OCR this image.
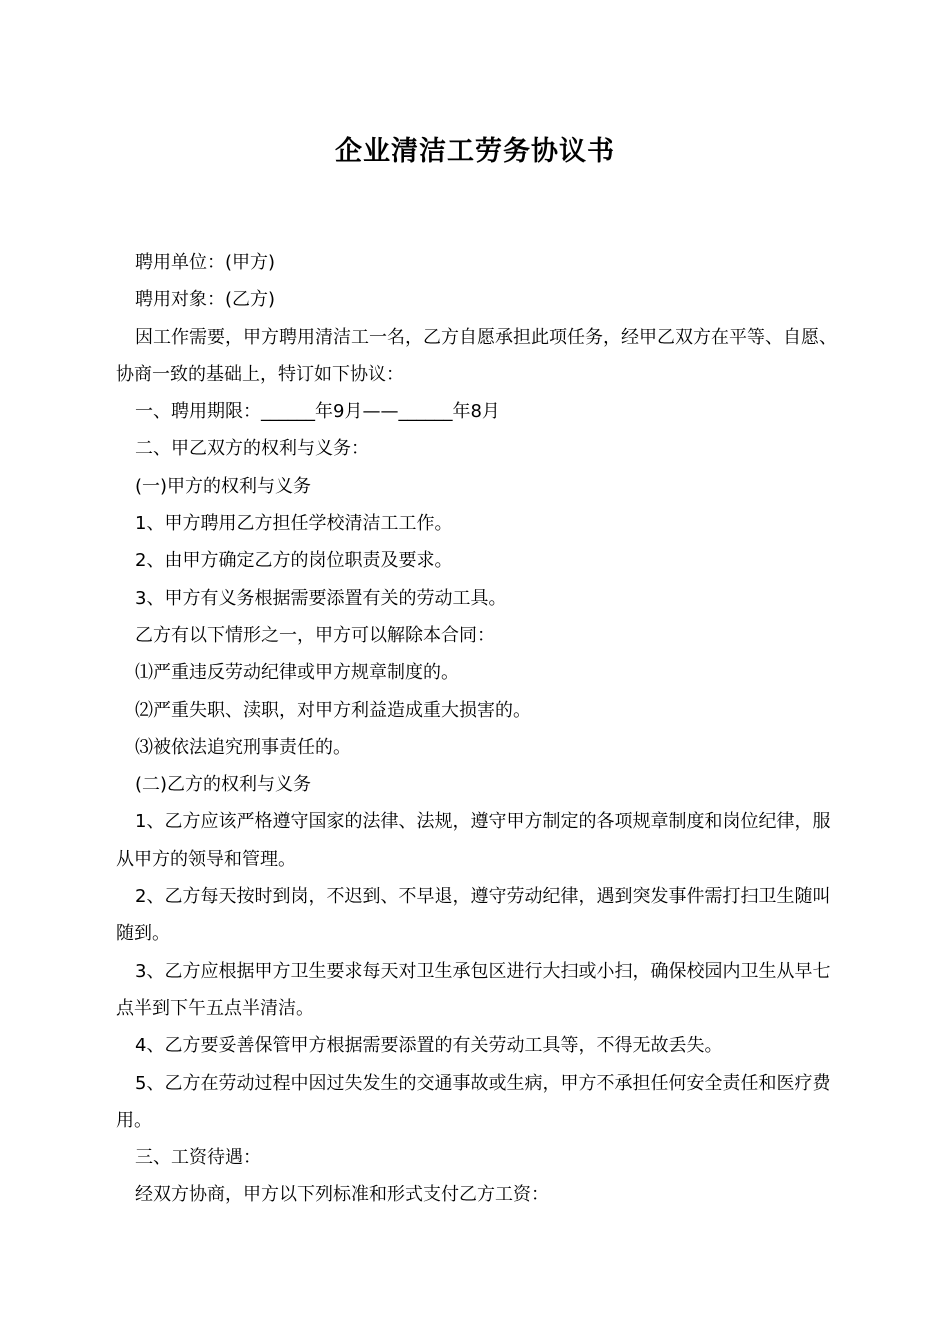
企业清洁工劳务协议书

聘用单位：(甲方)

聘用对象：(乙方)

因工作需要，甲方聘用清洁工一名，乙方自愿承担此项任务，经甲乙双方在平等、自愿、协商一致的基础上，特订如下协议：

一、聘用期限：______年9月——______年8月

二、甲乙双方的权利与义务：

(一)甲方的权利与义务

1、甲方聘用乙方担任学校清洁工工作。

2、由甲方确定乙方的岗位职责及要求。

3、甲方有义务根据需要添置有关的劳动工具。

乙方有以下情形之一，甲方可以解除本合同：

⑴严重违反劳动纪律或甲方规章制度的。

⑵严重失职、渎职，对甲方利益造成重大损害的。

⑶被依法追究刑事责任的。

(二)乙方的权利与义务

1、乙方应该严格遵守国家的法律、法规，遵守甲方制定的各项规章制度和岗位纪律，服从甲方的领导和管理。

2、乙方每天按时到岗，不迟到、不早退，遵守劳动纪律，遇到突发事件需打扫卫生随叫随到。

3、乙方应根据甲方卫生要求每天对卫生承包区进行大扫或小扫，确保校园内卫生从早七点半到下午五点半清洁。

4、乙方要妥善保管甲方根据需要添置的有关劳动工具等，不得无故丢失。

5、乙方在劳动过程中因过失发生的交通事故或生病，甲方不承担任何安全责任和医疗费用。

三、工资待遇：

经双方协商，甲方以下列标准和形式支付乙方工资：
